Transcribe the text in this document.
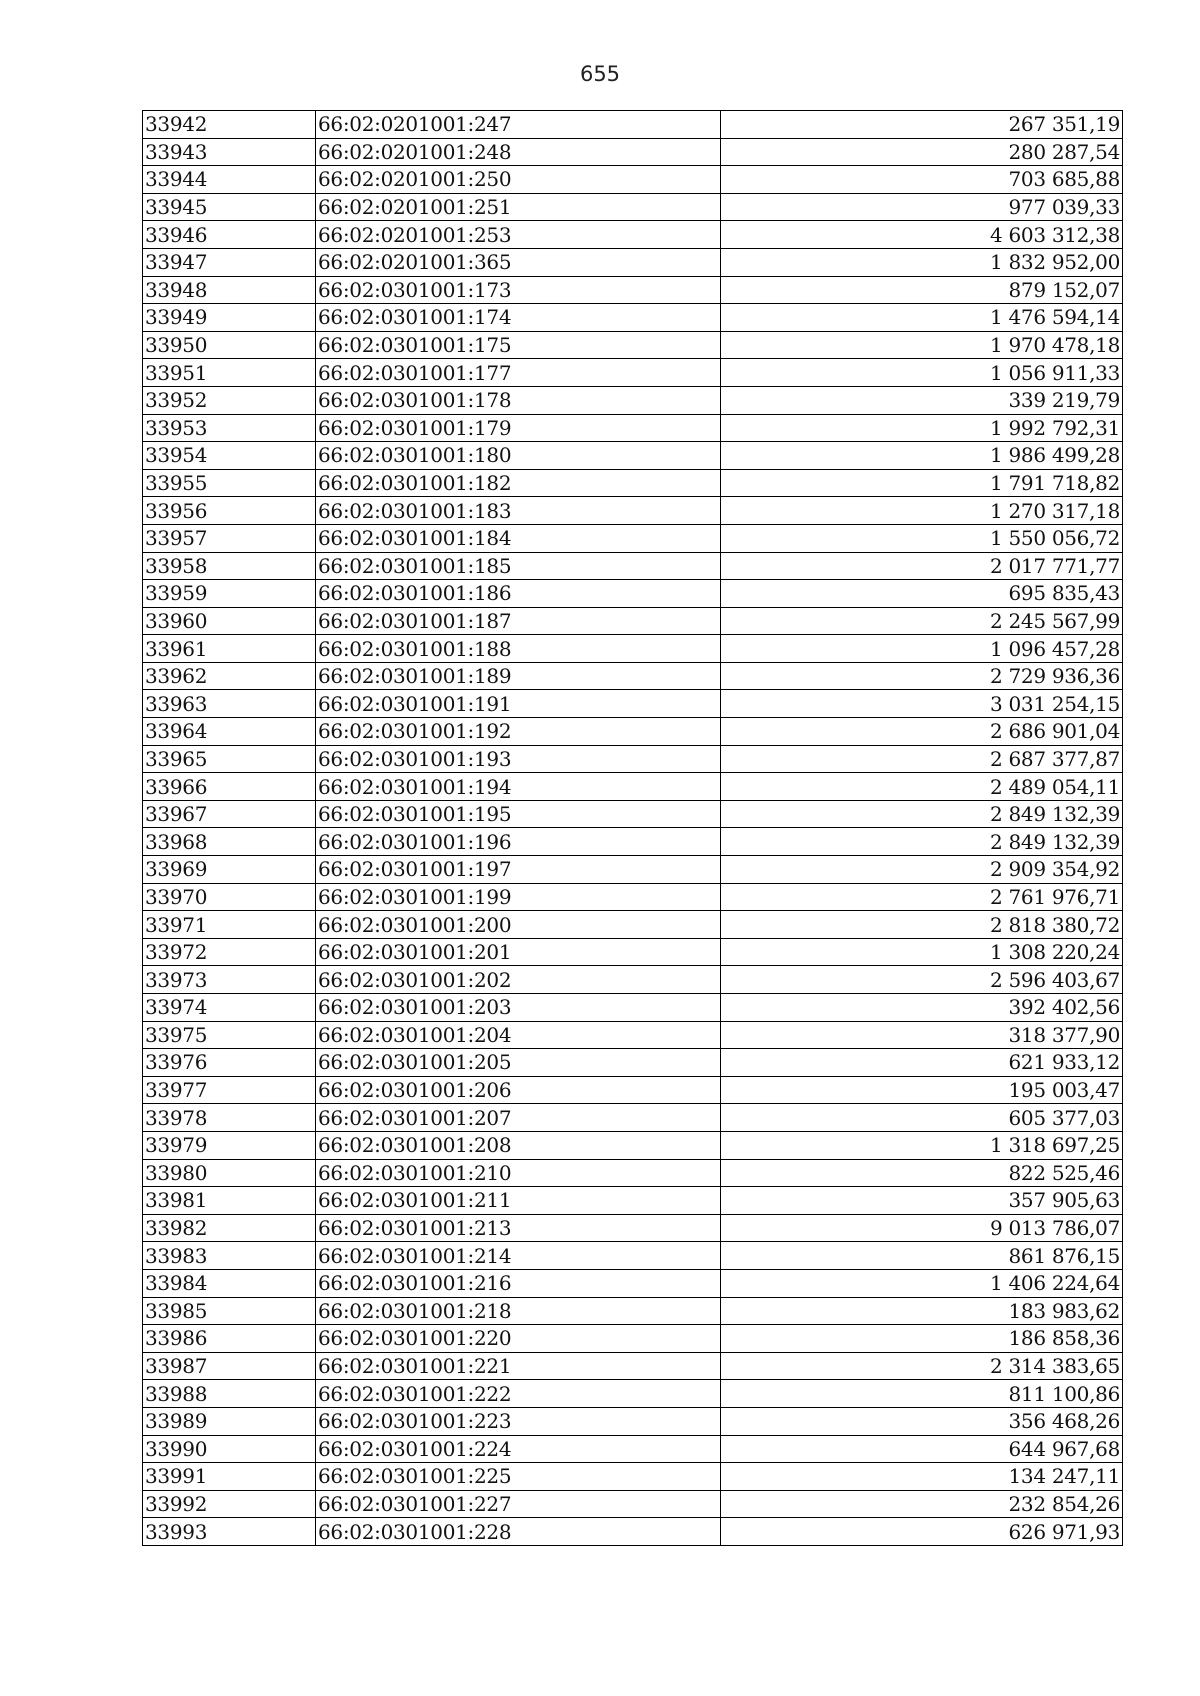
655
33942	66:02:0201001:247	267 351,19
33943	66:02:0201001:248	280 287,54
33944	66:02:0201001:250	703 685,88
33945	66:02:0201001:251	977 039,33
33946	66:02:0201001:253	4 603 312,38
33947	66:02:0201001:365	1 832 952,00
33948	66:02:0301001:173	879 152,07
33949	66:02:0301001:174	1 476 594,14
33950	66:02:0301001:175	1 970 478,18
33951	66:02:0301001:177	1 056 911,33
33952	66:02:0301001:178	339 219,79
33953	66:02:0301001:179	1 992 792,31
33954	66:02:0301001:180	1 986 499,28
33955	66:02:0301001:182	1 791 718,82
33956	66:02:0301001:183	1 270 317,18
33957	66:02:0301001:184	1 550 056,72
33958	66:02:0301001:185	2 017 771,77
33959	66:02:0301001:186	695 835,43
33960	66:02:0301001:187	2 245 567,99
33961	66:02:0301001:188	1 096 457,28
33962	66:02:0301001:189	2 729 936,36
33963	66:02:0301001:191	3 031 254,15
33964	66:02:0301001:192	2 686 901,04
33965	66:02:0301001:193	2 687 377,87
33966	66:02:0301001:194	2 489 054,11
33967	66:02:0301001:195	2 849 132,39
33968	66:02:0301001:196	2 849 132,39
33969	66:02:0301001:197	2 909 354,92
33970	66:02:0301001:199	2 761 976,71
33971	66:02:0301001:200	2 818 380,72
33972	66:02:0301001:201	1 308 220,24
33973	66:02:0301001:202	2 596 403,67
33974	66:02:0301001:203	392 402,56
33975	66:02:0301001:204	318 377,90
33976	66:02:0301001:205	621 933,12
33977	66:02:0301001:206	195 003,47
33978	66:02:0301001:207	605 377,03
33979	66:02:0301001:208	1 318 697,25
33980	66:02:0301001:210	822 525,46
33981	66:02:0301001:211	357 905,63
33982	66:02:0301001:213	9 013 786,07
33983	66:02:0301001:214	861 876,15
33984	66:02:0301001:216	1 406 224,64
33985	66:02:0301001:218	183 983,62
33986	66:02:0301001:220	186 858,36
33987	66:02:0301001:221	2 314 383,65
33988	66:02:0301001:222	811 100,86
33989	66:02:0301001:223	356 468,26
33990	66:02:0301001:224	644 967,68
33991	66:02:0301001:225	134 247,11
33992	66:02:0301001:227	232 854,26
33993	66:02:0301001:228	626 971,93
